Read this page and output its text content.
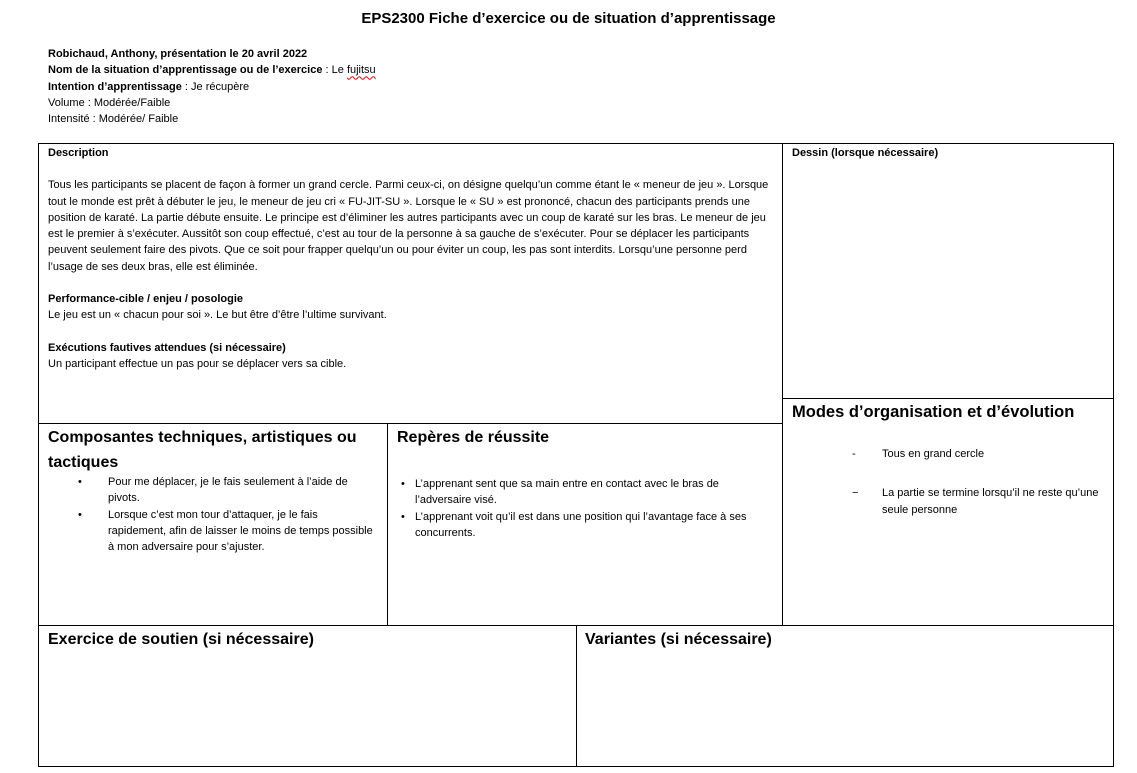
EPS2300 Fiche d’exercice ou de situation d’apprentissage
Robichaud, Anthony, présentation le 20 avril 2022
Nom de la situation d’apprentissage ou de l’exercice : Le fujitsu
Intention d’apprentissage : Je récupère
Volume : Modérée/Faible
Intensité : Modérée/ Faible
Description

Tous les participants se placent de façon à former un grand cercle. Parmi ceux-ci, on désigne quelqu’un comme étant le « meneur de jeu ». Lorsque tout le monde est prêt à débuter le jeu, le meneur de jeu cri « FU-JIT-SU ». Lorsque le « SU » est prononcé, chacun des participants prends une position de karaté. La partie débute ensuite. Le principe est d’éliminer les autres participants avec un coup de karaté sur les bras. Le meneur de jeu est le premier à s’exécuter. Aussitôt son coup effectué, c’est au tour de la personne à sa gauche de s’exécuter. Pour se déplacer les participants peuvent seulement faire des pivots. Que ce soit pour frapper quelqu’un ou pour éviter un coup, les pas sont interdits. Lorsqu’une personne perd l’usage de ses deux bras, elle est éliminée.

Performance-cible / enjeu / posologie
Le jeu est un « chacun pour soi ». Le but être d’être l’ultime survivant.
Exécutions fautives attendues (si nécessaire)
Un participant effectue un pas pour se déplacer vers sa cible.
Dessin (lorsque nécessaire)
Modes d’organisation et d’évolution
- Tous en grand cercle
− La partie se termine lorsqu’il ne reste qu’une seule personne
Composantes techniques, artistiques ou tactiques
• Pour me déplacer, je le fais seulement à l’aide de pivots.
• Lorsque c’est mon tour d’attaquer, je le fais rapidement, afin de laisser le moins de temps possible à mon adversaire pour s’ajuster.
Repères de réussite
• L’apprenant sent que sa main entre en contact avec le bras de l’adversaire visé.
• L’apprenant voit qu’il est dans une position qui l’avantage face à ses concurrents.
Exercice de soutien (si nécessaire)	Variantes (si nécessaire)
